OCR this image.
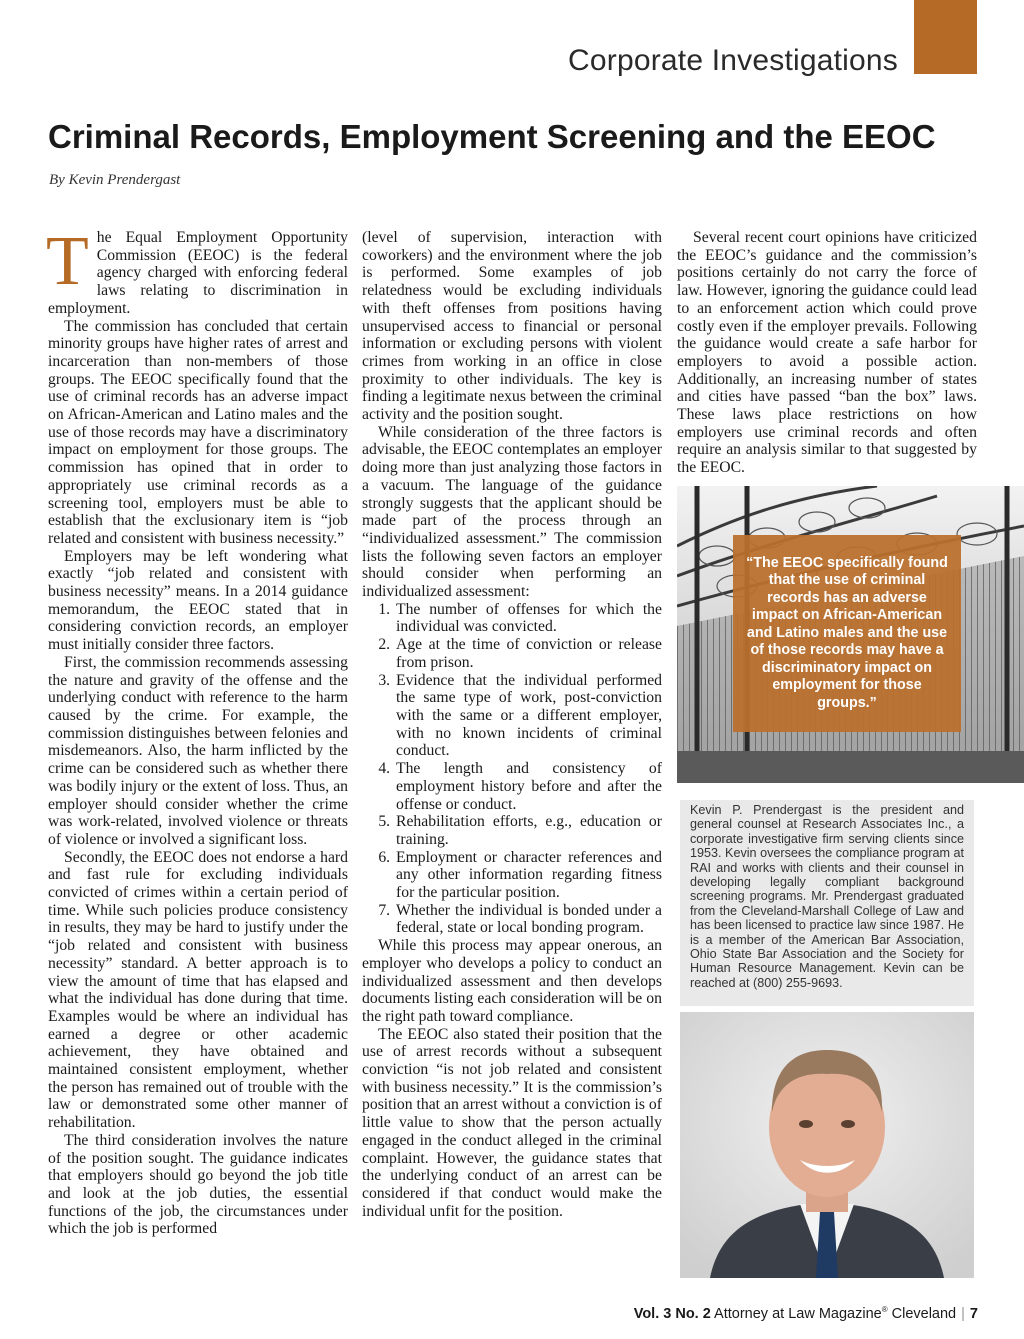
Corporate Investigations
Criminal Records, Employment Screening and the EEOC
By Kevin Prendergast

The Equal Employment Opportunity Commission (EEOC) is the federal agency charged with enforcing federal laws relating to discrimination in employment.

The commission has concluded that certain minority groups have higher rates of arrest and incarceration than non-members of those groups. The EEOC specifically found that the use of criminal records has an adverse impact on African-American and Latino males and the use of those records may have a discriminatory impact on employment for those groups. The commission has opined that in order to appropriately use criminal records as a screening tool, employers must be able to establish that the exclusionary item is “job related and consistent with business necessity.”

Employers may be left wondering what exactly “job related and consistent with business necessity” means. In a 2014 guidance memorandum, the EEOC stated that in considering conviction records, an employer must initially consider three factors.

First, the commission recommends assessing the nature and gravity of the offense and the underlying conduct with reference to the harm caused by the crime. For example, the commission distinguishes between felonies and misdemeanors. Also, the harm inflicted by the crime can be considered such as whether there was bodily injury or the extent of loss. Thus, an employer should consider whether the crime was work-related, involved violence or threats of violence or involved a significant loss.

Secondly, the EEOC does not endorse a hard and fast rule for excluding individuals convicted of crimes within a certain period of time. While such policies produce consistency in results, they may be hard to justify under the “job related and consistent with business necessity” standard. A better approach is to view the amount of time that has elapsed and what the individual has done during that time. Examples would be where an individual has earned a degree or other academic achievement, they have obtained and maintained consistent employment, whether the person has remained out of trouble with the law or demonstrated some other manner of rehabilitation.

The third consideration involves the nature of the position sought. The guidance indicates that employers should go beyond the job title and look at the job duties, the essential functions of the job, the circumstances under which the job is performed

(level of supervision, interaction with coworkers) and the environment where the job is performed. Some examples of job relatedness would be excluding individuals with theft offenses from positions having unsupervised access to financial or personal information or excluding persons with violent crimes from working in an office in close proximity to other individuals. The key is finding a legitimate nexus between the criminal activity and the position sought.

While consideration of the three factors is advisable, the EEOC contemplates an employer doing more than just analyzing those factors in a vacuum. The language of the guidance strongly suggests that the applicant should be made part of the process through an “individualized assessment.” The commission lists the following seven factors an employer should consider when performing an individualized assessment:

1. The number of offenses for which the individual was convicted.
2. Age at the time of conviction or release from prison.
3. Evidence that the individual performed the same type of work, post-conviction with the same or a different employer, with no known incidents of criminal conduct.
4. The length and consistency of employment history before and after the offense or conduct.
5. Rehabilitation efforts, e.g., education or training.
6. Employment or character references and any other information regarding fitness for the particular position.
7. Whether the individual is bonded under a federal, state or local bonding program.

While this process may appear onerous, an employer who develops a policy to conduct an individualized assessment and then develops documents listing each consideration will be on the right path toward compliance.

The EEOC also stated their position that the use of arrest records without a subsequent conviction “is not job related and consistent with business necessity.” It is the commission’s position that an arrest without a conviction is of little value to show that the person actually engaged in the conduct alleged in the criminal complaint. However, the guidance states that the underlying conduct of an arrest can be considered if that conduct would make the individual unfit for the position.

Several recent court opinions have criticized the EEOC’s guidance and the commission’s positions certainly do not carry the force of law. However, ignoring the guidance could lead to an enforcement action which could prove costly even if the employer prevails. Following the guidance would create a safe harbor for employers to avoid a possible action. Additionally, an increasing number of states and cities have passed “ban the box” laws. These laws place restrictions on how employers use criminal records and often require an analysis similar to that suggested by the EEOC.

“The EEOC specifically found that the use of criminal records has an adverse impact on African-American and Latino males and the use of those records may have a discriminatory impact on employment for those groups.”
Kevin P. Prendergast is the president and general counsel at Research Associates Inc., a corporate investigative firm serving clients since 1953. Kevin oversees the compliance program at RAI and works with clients and their counsel in developing legally compliant background screening programs. Mr. Prendergast graduated from the Cleveland-Marshall College of Law and has been licensed to practice law since 1987. He is a member of the American Bar Association, Ohio State Bar Association and the Society for Human Resource Management. Kevin can be reached at (800) 255-9693.
Vol. 3 No. 2 Attorney at Law Magazine® Cleveland | 7
